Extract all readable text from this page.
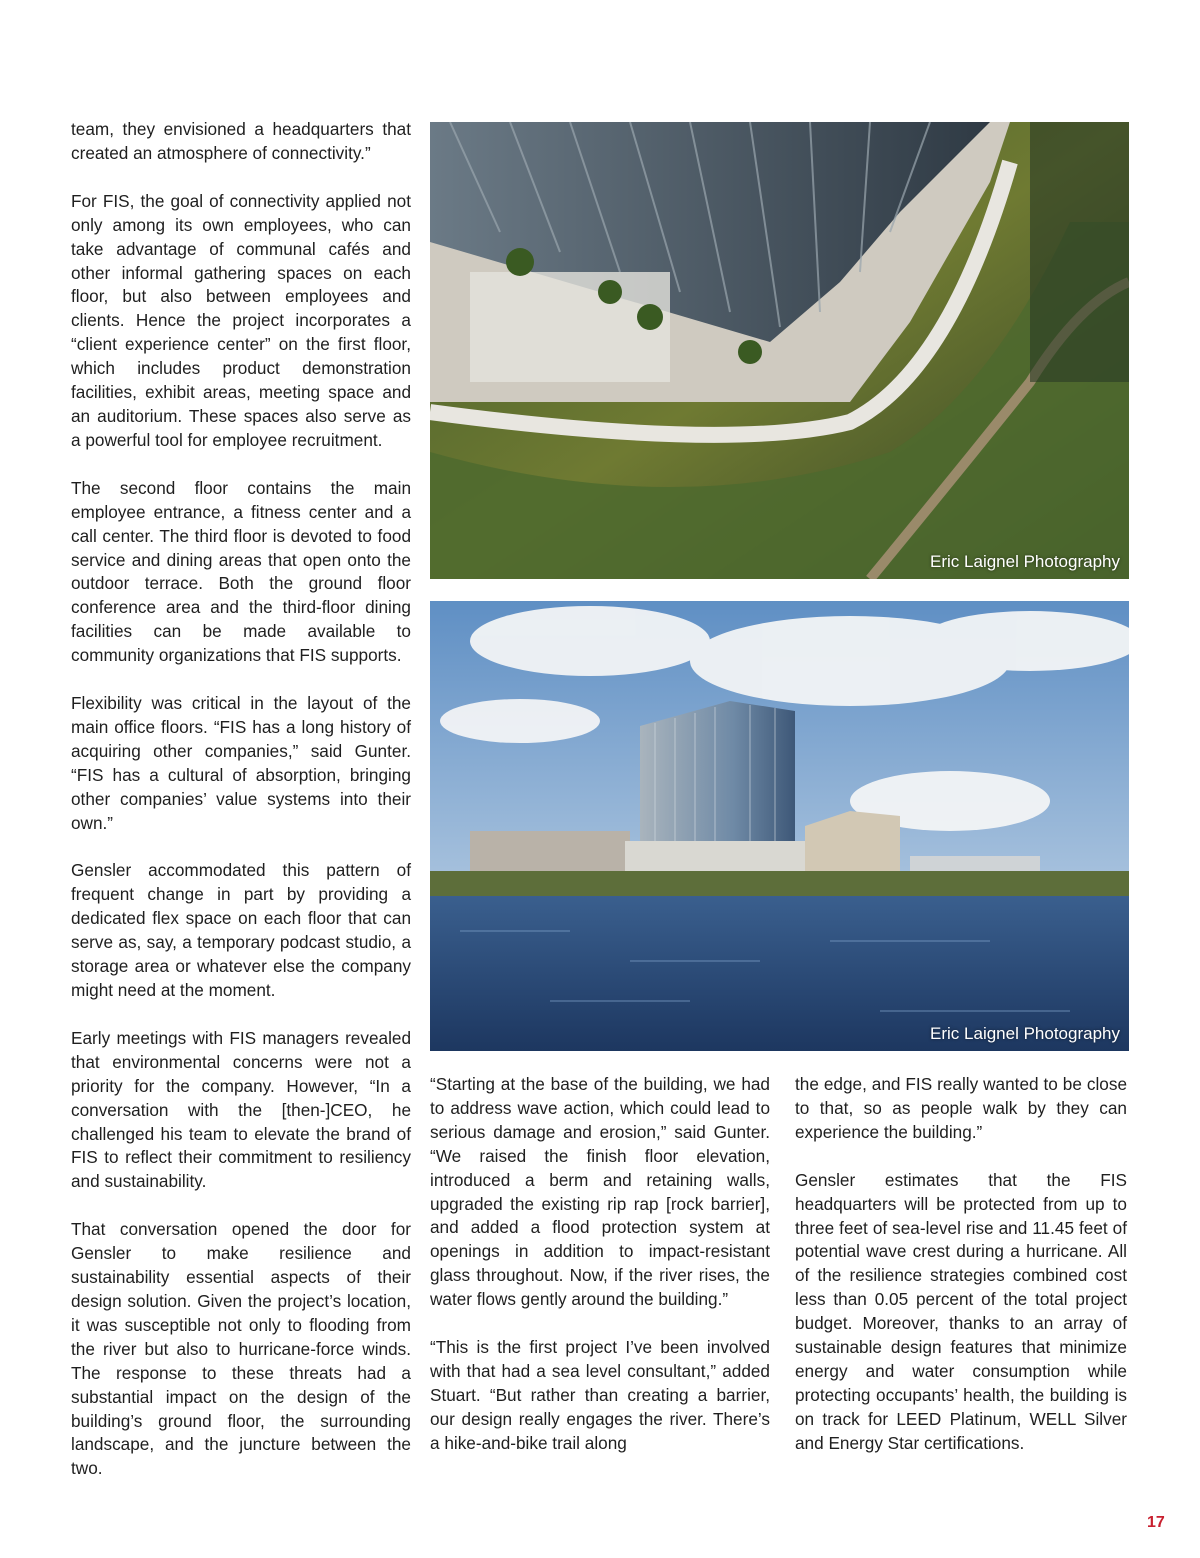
team, they envisioned a headquarters that created an atmosphere of connectivity.”

For FIS, the goal of connectivity applied not only among its own employees, who can take advantage of communal cafés and other informal gathering spaces on each floor, but also between employees and clients. Hence the project incorporates a “client experience center” on the first floor, which includes product demonstration facilities, exhibit areas, meeting space and an auditorium. These spaces also serve as a powerful tool for employee recruitment.

The second floor contains the main employee entrance, a fitness center and a call center. The third floor is devoted to food service and dining areas that open onto the outdoor terrace. Both the ground floor conference area and the third-floor dining facilities can be made available to community organizations that FIS supports.

Flexibility was critical in the layout of the main office floors. “FIS has a long history of acquiring other companies,” said Gunter. “FIS has a cultural of absorption, bringing other companies’ value systems into their own.”

Gensler accommodated this pattern of frequent change in part by providing a dedicated flex space on each floor that can serve as, say, a temporary podcast studio, a storage area or whatever else the company might need at the moment.

Early meetings with FIS managers revealed that environmental concerns were not a priority for the company. However, “In a conversation with the [then-]CEO, he challenged his team to elevate the brand of FIS to reflect their commitment to resiliency and sustainability.

That conversation opened the door for Gensler to make resilience and sustainability essential aspects of their design solution. Given the project’s location, it was susceptible not only to flooding from the river but also to hurricane-force winds. The response to these threats had a substantial impact on the design of the building’s ground floor, the surrounding landscape, and the juncture between the two.

Eric Laignel Photography
Eric Laignel Photography

“Starting at the base of the building, we had to address wave action, which could lead to serious damage and erosion,” said Gunter. “We raised the finish floor elevation, introduced a berm and retaining walls, upgraded the existing rip rap [rock barrier], and added a flood protection system at openings in addition to impact-resistant glass throughout. Now, if the river rises, the water flows gently around the building.”

“This is the first project I’ve been involved with that had a sea level consultant,” added Stuart. “But rather than creating a barrier, our design really engages the river. There’s a hike-and-bike trail along

the edge, and FIS really wanted to be close to that, so as people walk by they can experience the building.”

Gensler estimates that the FIS headquarters will be protected from up to three feet of sea-level rise and 11.45 feet of potential wave crest during a hurricane. All of the resilience strategies combined cost less than 0.05 percent of the total project budget. Moreover, thanks to an array of sustainable design features that minimize energy and water consumption while protecting occupants’ health, the building is on track for LEED Platinum, WELL Silver and Energy Star certifications.

17
